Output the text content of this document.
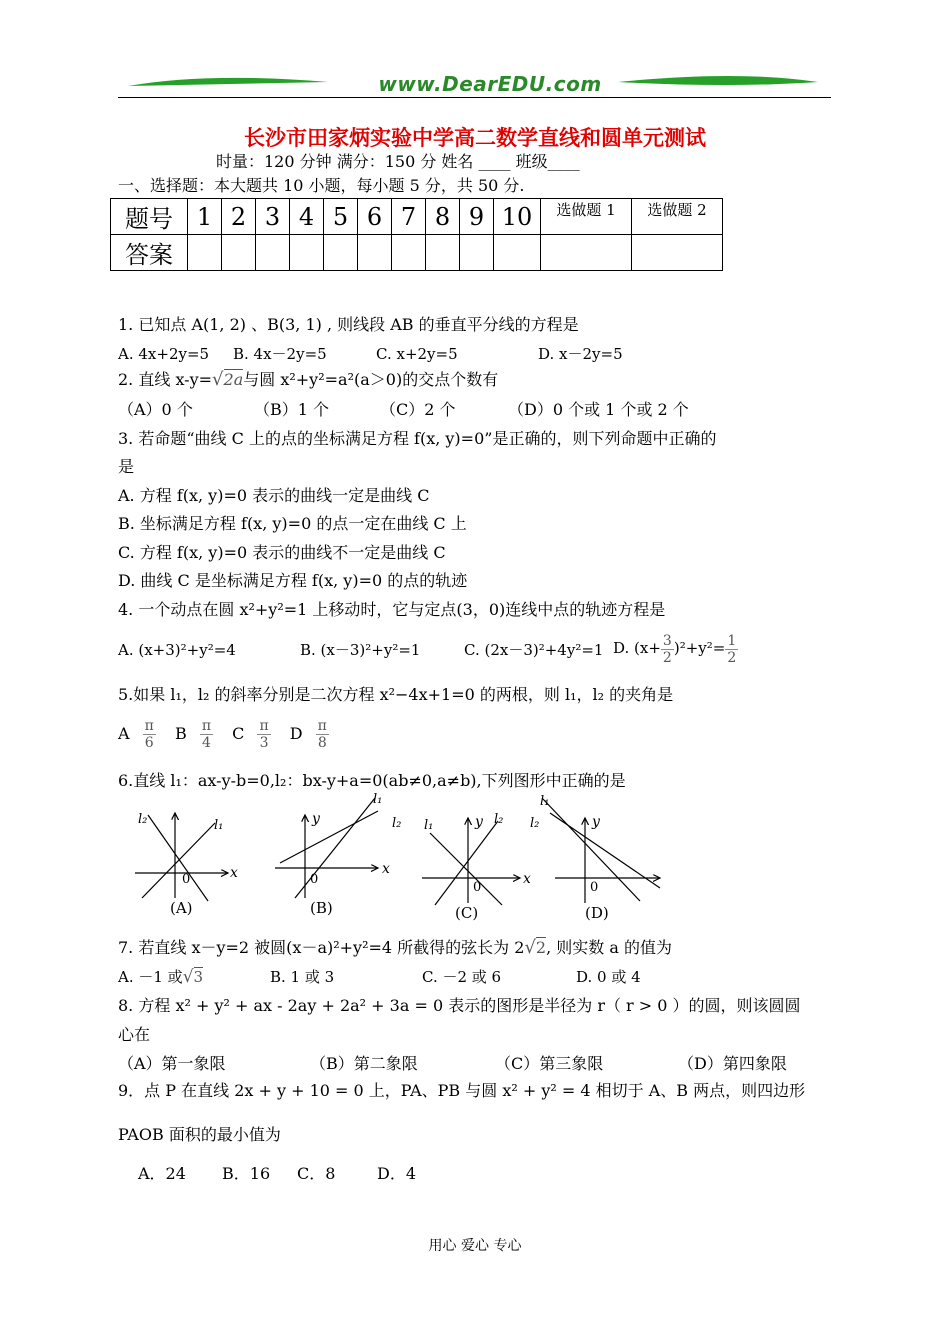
www.DearEDU.com
长沙市田家炳实验中学高二数学直线和圆单元测试
时量：120 分钟 满分：150 分 姓名 ____ 班级____
一、选择题：本大题共 10 小题，每小题 5 分，共 50 分.
题号	1	2	3	4	5	6	7	8	9	10	选做题 1	选做题 2
答案												
1. 已知点 A(1, 2) 、B(3, 1) , 则线段 AB 的垂直平分线的方程是
A. 4x+2y=5 B. 4x－2y=5	C. x+2y=5	D. x－2y=5
2. 直线 x-y=√2a与圆 x²+y²=a²(a＞0)的交点个数有
（A）0 个	（B）1 个	（C）2 个	（D）0 个或 1 个或 2 个
3. 若命题“曲线 C 上的点的坐标满足方程 f(x, y)=0”是正确的，则下列命题中正确的
是
A. 方程 f(x, y)=0 表示的曲线一定是曲线 C
B. 坐标满足方程 f(x, y)=0 的点一定在曲线 C 上
C. 方程 f(x, y)=0 表示的曲线不一定是曲线 C
D. 曲线 C 是坐标满足方程 f(x, y)=0 的点的轨迹
4. 一个动点在圆 x²+y²=1 上移动时，它与定点(3，0)连线中点的轨迹方程是
A. (x+3)²+y²=4	B. (x－3)²+y²=1	C. (2x－3)²+4y²=1 D. $(x+ \frac{3}{2} )^2+y^2= \frac{1}{2}$
5.如果 l₁，l₂ 的斜率分别是二次方程 x²−4x+1=0 的两根，则 l₁，l₂ 的夹角是
A $\frac{\pi}{6}$ B $\frac{\pi}{4}$ C $\frac{\pi}{3}$ D $\frac{\pi}{8}$
6.直线 l₁：ax-y-b=0,l₂：bx-y+a=0(ab≠0,a≠b),下列图形中正确的是
x
0
l₂	l₁
(A)
y
x
0
l₁
l₂
(B)
y
x
0
l₁	l₂
(C)
l₁
l₂	y
0
(D)
7. 若直线 x－y=2 被圆(x－a)²+y²=4 所截得的弦长为 2√2, 则实数 a 的值为
A. －1 或√3	B. 1 或 3	C. －2 或 6	D. 0 或 4
8. 方程 x² + y² + ax - 2ay + 2a² + 3a = 0 表示的图形是半径为 r（ r > 0 ）的圆，则该圆圆
心在
（A）第一象限	（B）第二象限	（C）第三象限	（D）第四象限
9．点 P 在直线 2x + y + 10 = 0 上，PA、PB 与圆 x² + y² = 4 相切于 A、B 两点，则四边形
PAOB 面积的最小值为
A．24 B．16 C．8	D．4
用心 爱心 专心
